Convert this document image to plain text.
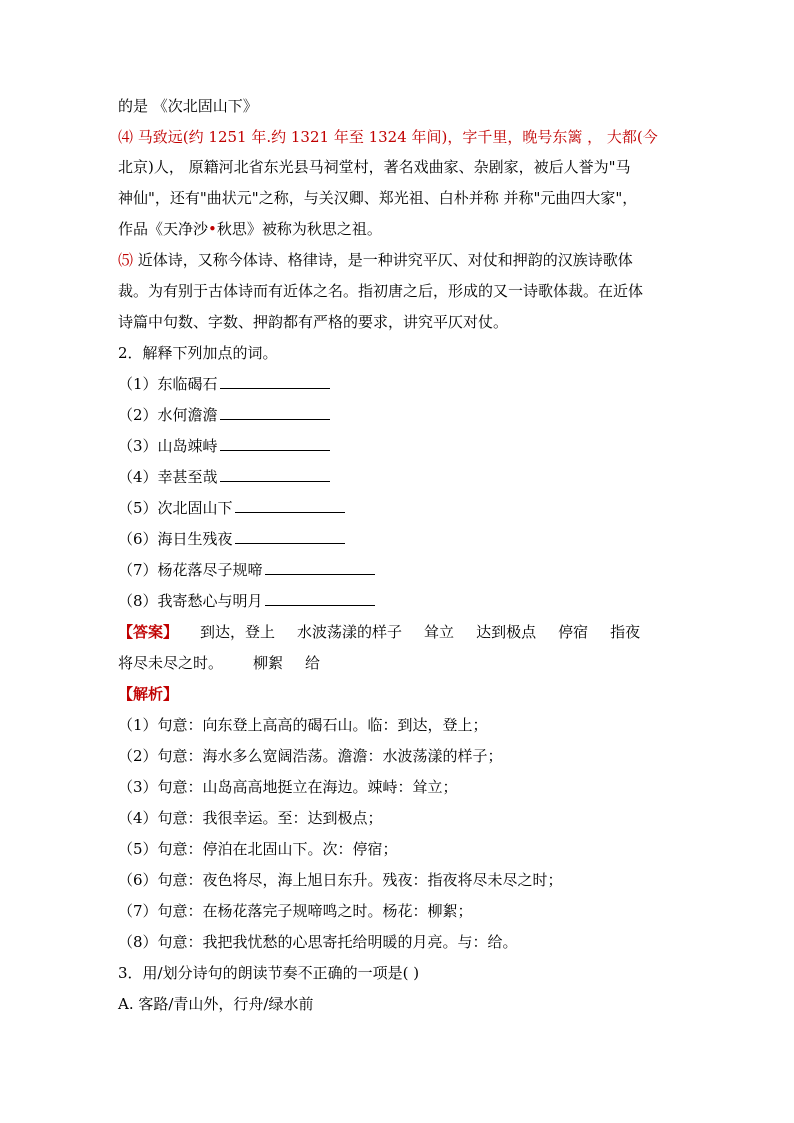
的是 《次北固山下》
⑷ 马致远(约 1251 年.约 1321 年至 1324 年间)，字千里，晚号东篱 ， 大都(今
北京)人， 原籍河北省东光县马祠堂村，著名戏曲家、杂剧家，被后人誉为"马
神仙"，还有"曲状元"之称，与关汉卿、郑光祖、白朴并称 并称"元曲四大家"，
作品《天净沙•秋思》被称为秋思之祖。
⑸ 近体诗，又称今体诗、格律诗，是一种讲究平仄、对仗和押韵的汉族诗歌体
裁。为有别于古体诗而有近体之名。指初唐之后，形成的又一诗歌体裁。在近体
诗篇中句数、字数、押韵都有严格的要求，讲究平仄对仗。
2．解释下列加点的词。
（1）东临碣石
（2）水何澹澹
（3）山岛竦峙
（4）幸甚至哉
（5）次北固山下
（6）海日生残夜
（7）杨花落尽子规啼
（8）我寄愁心与明月
【答案】 到达，登上 水波荡漾的样子 耸立 达到极点 停宿 指夜
将尽未尽之时。 柳絮 给
【解析】
（1）句意：向东登上高高的碣石山。临：到达，登上；
（2）句意：海水多么宽阔浩荡。澹澹：水波荡漾的样子；
（3）句意：山岛高高地挺立在海边。竦峙：耸立；
（4）句意：我很幸运。至：达到极点；
（5）句意：停泊在北固山下。次：停宿；
（6）句意：夜色将尽，海上旭日东升。残夜：指夜将尽未尽之时；
（7）句意：在杨花落完子规啼鸣之时。杨花：柳絮；
（8）句意：我把我忧愁的心思寄托给明暖的月亮。与：给。
3．用/划分诗句的朗读节奏不正确的一项是( )
A. 客路/青山外，行舟/绿水前
